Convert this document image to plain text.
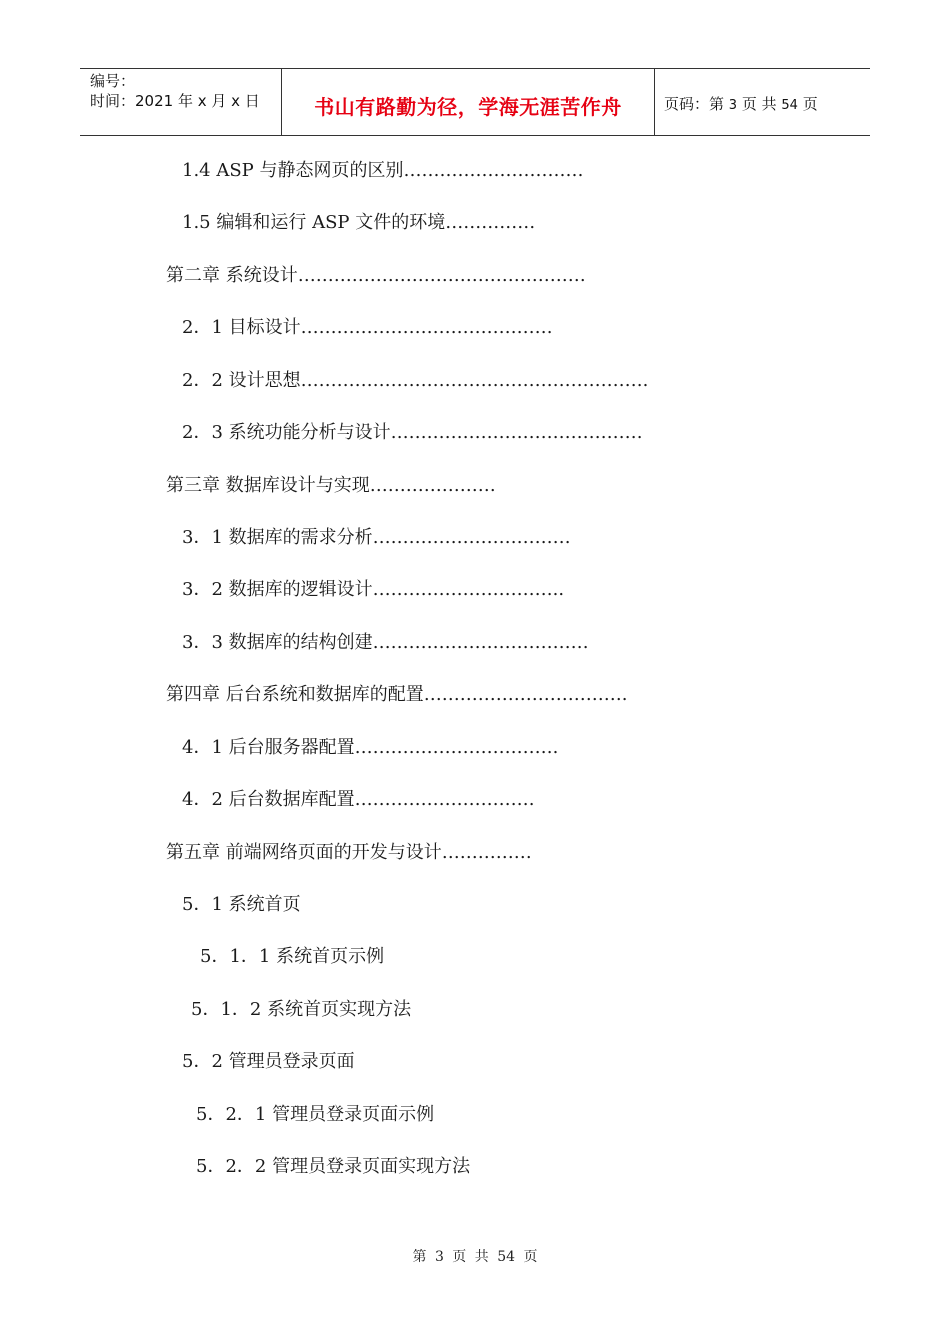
编号：
时间：2021 年 x 月 x 日	书山有路勤为径，学海无涯苦作舟	页码：第 3 页 共 54 页
1.4 ASP 与静态网页的区别…………………………
1.5 编辑和运行 ASP 文件的环境……………
第二章 系统设计…………………………………………
2．1 目标设计……………………………………
2．2 设计思想………………………………………………….
2．3 系统功能分析与设计……………………………………
第三章 数据库设计与实现…………………
3．1 数据库的需求分析……………………………
3．2 数据库的逻辑设计…………………………..
3．3 数据库的结构创建………………………………
第四章 后台系统和数据库的配置…………………………….
4．1 后台服务器配置…………………………….
4．2 后台数据库配置…………………………
第五章 前端网络页面的开发与设计……………
5．1 系统首页
5．1．1 系统首页示例
5．1．2 系统首页实现方法
5．2 管理员登录页面
5．2．1 管理员登录页面示例
5．2．2 管理员登录页面实现方法
第 3 页 共 54 页
